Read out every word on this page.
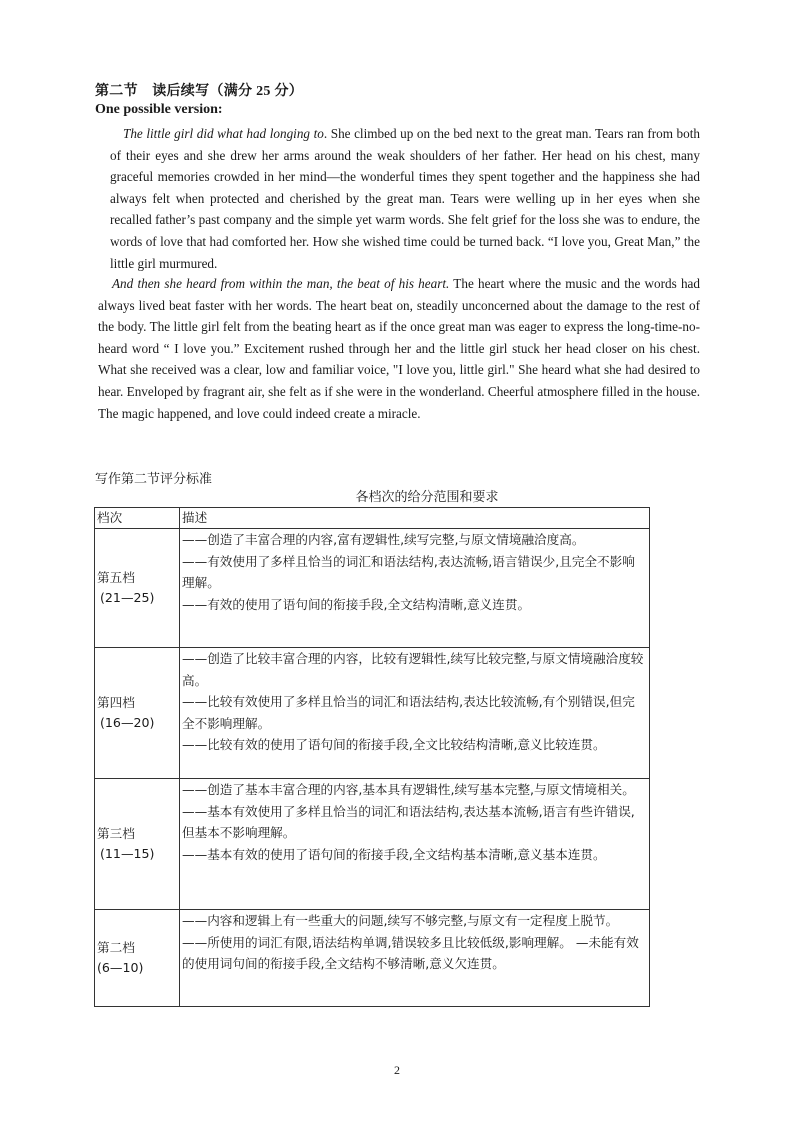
第二节　读后续写（满分 25 分）
One possible version:
The little girl did what had longing to. She climbed up on the bed next to the great man. Tears ran from both of their eyes and she drew her arms around the weak shoulders of her father. Her head on his chest, many graceful memories crowded in her mind—the wonderful times they spent together and the happiness she had always felt when protected and cherished by the great man. Tears were welling up in her eyes when she recalled father’s past company and the simple yet warm words. She felt grief for the loss she was to endure, the words of love that had comforted her. How she wished time could be turned back. “I love you, Great Man,” the little girl murmured.
And then she heard from within the man, the beat of his heart. The heart where the music and the words had always lived beat faster with her words. The heart beat on, steadily unconcerned about the damage to the rest of the body. The little girl felt from the beating heart as if the once great man was eager to express the long-time-no-heard word “ I love you.” Excitement rushed through her and the little girl stuck her head closer on his chest. What she received was a clear, low and familiar voice, "I love you, little girl." She heard what she had desired to hear. Enveloped by fragrant air, she felt as if she were in the wonderland. Cheerful atmosphere filled in the house. The magic happened, and love could indeed create a miracle.
写作第二节评分标准
各档次的给分范围和要求
档次	描述

第五档
(21—25)	——创造了丰富合理的内容,富有逻辑性,续写完整,与原文情境融洽度高。
——有效使用了多样且恰当的词汇和语法结构,表达流畅,语言错误少,且完全不影响理解。
——有效的使用了语句间的衔接手段,全文结构清晰,意义连贯。

第四档
(16—20)	——创造了比较丰富合理的内容，比较有逻辑性,续写比较完整,与原文情境融洽度较高。
——比较有效使用了多样且恰当的词汇和语法结构,表达比较流畅,有个别错误,但完全不影响理解。
——比较有效的使用了语句间的衔接手段,全文比较结构清晰,意义比较连贯。

第三档
(11—15)	——创造了基本丰富合理的内容,基本具有逻辑性,续写基本完整,与原文情境相关。
——基本有效使用了多样且恰当的词汇和语法结构,表达基本流畅,语言有些许错误,但基本不影响理解。
——基本有效的使用了语句间的衔接手段,全文结构基本清晰,意义基本连贯。

第二档
(6—10)	——内容和逻辑上有一些重大的问题,续写不够完整,与原文有一定程度上脱节。
——所使用的词汇有限,语法结构单调,错误较多且比较低级,影响理解。 —未能有效的使用词句间的衔接手段,全文结构不够清晰,意义欠连贯。
2
